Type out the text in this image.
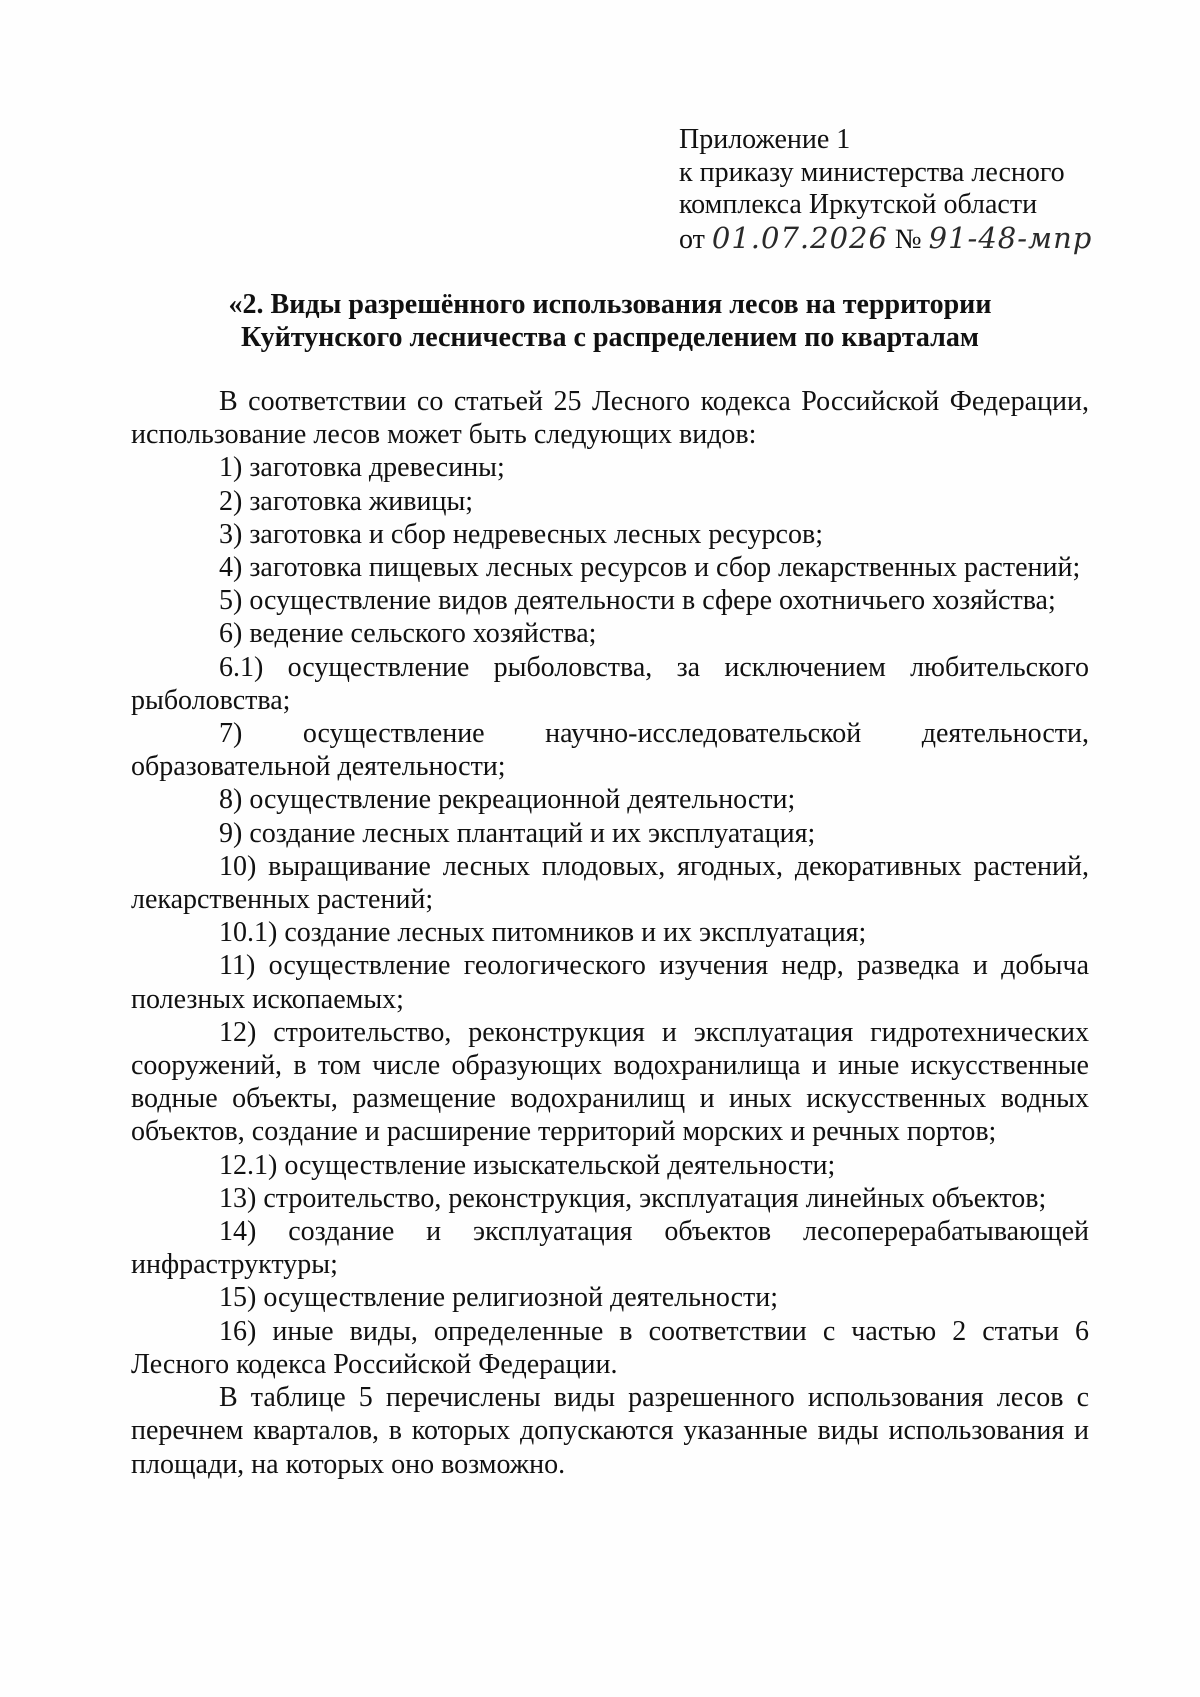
Приложение 1
к приказу министерства лесного
комплекса Иркутской области
от 01.07.2026 № 91-48-мпр
«2. Виды разрешённого использования лесов на территории
Куйтунского лесничества с распределением по кварталам

В соответствии со статьей 25 Лесного кодекса Российской Федерации, использование лесов может быть следующих видов:

1) заготовка древесины;

2) заготовка живицы;

3) заготовка и сбор недревесных лесных ресурсов;

4) заготовка пищевых лесных ресурсов и сбор лекарственных растений;

5) осуществление видов деятельности в сфере охотничьего хозяйства;

6) ведение сельского хозяйства;

6.1) осуществление рыболовства, за исключением любительского рыболовства;

7) осуществление научно-исследовательской деятельности, образовательной деятельности;

8) осуществление рекреационной деятельности;

9) создание лесных плантаций и их эксплуатация;

10) выращивание лесных плодовых, ягодных, декоративных растений, лекарственных растений;

10.1) создание лесных питомников и их эксплуатация;

11) осуществление геологического изучения недр, разведка и добыча полезных ископаемых;

12) строительство, реконструкция и эксплуатация гидротехнических сооружений, в том числе образующих водохранилища и иные искусственные водные объекты, размещение водохранилищ и иных искусственных водных объектов, создание и расширение территорий морских и речных портов;

12.1) осуществление изыскательской деятельности;

13) строительство, реконструкция, эксплуатация линейных объектов;

14) создание и эксплуатация объектов лесоперерабатывающей инфраструктуры;

15) осуществление религиозной деятельности;

16) иные виды, определенные в соответствии с частью 2 статьи 6 Лесного кодекса Российской Федерации.

В таблице 5 перечислены виды разрешенного использования лесов с перечнем кварталов, в которых допускаются указанные виды использования и площади, на которых оно возможно.
